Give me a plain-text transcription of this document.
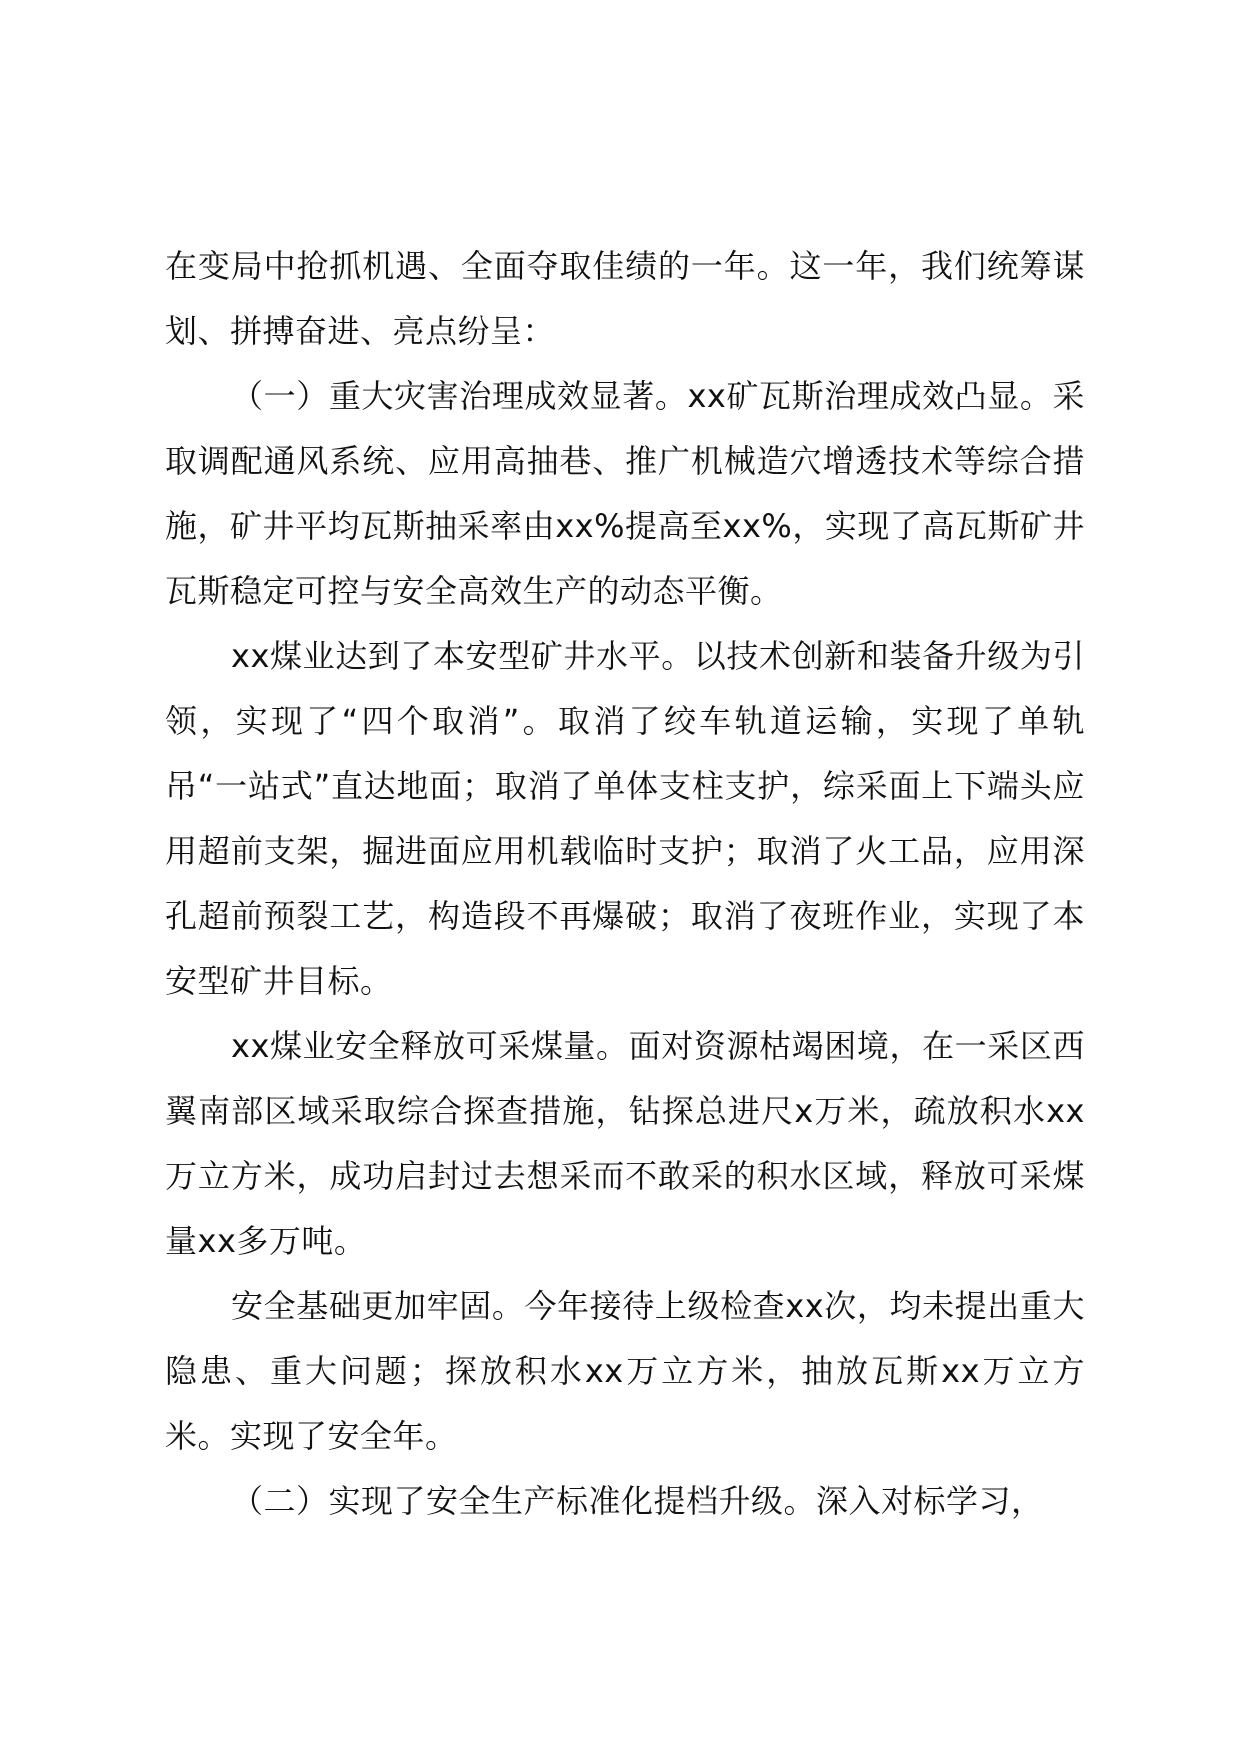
在变局中抢抓机遇、全面夺取佳绩的一年。这一年，我们统筹谋划、拼搏奋进、亮点纷呈：

（一）重大灾害治理成效显著。xx矿瓦斯治理成效凸显。采取调配通风系统、应用高抽巷、推广机械造穴增透技术等综合措施，矿井平均瓦斯抽采率由xx%提高至xx%，实现了高瓦斯矿井瓦斯稳定可控与安全高效生产的动态平衡。

xx煤业达到了本安型矿井水平。以技术创新和装备升级为引领，实现了“四个取消”。取消了绞车轨道运输，实现了单轨吊“一站式”直达地面；取消了单体支柱支护，综采面上下端头应用超前支架，掘进面应用机载临时支护；取消了火工品，应用深孔超前预裂工艺，构造段不再爆破；取消了夜班作业，实现了本安型矿井目标。

xx煤业安全释放可采煤量。面对资源枯竭困境，在一采区西翼南部区域采取综合探查措施，钻探总进尺x万米，疏放积水xx万立方米，成功启封过去想采而不敢采的积水区域，释放可采煤量xx多万吨。

安全基础更加牢固。今年接待上级检查xx次，均未提出重大隐患、重大问题；探放积水xx万立方米，抽放瓦斯xx万立方米。实现了安全年。

（二）实现了安全生产标准化提档升级。深入对标学习，
